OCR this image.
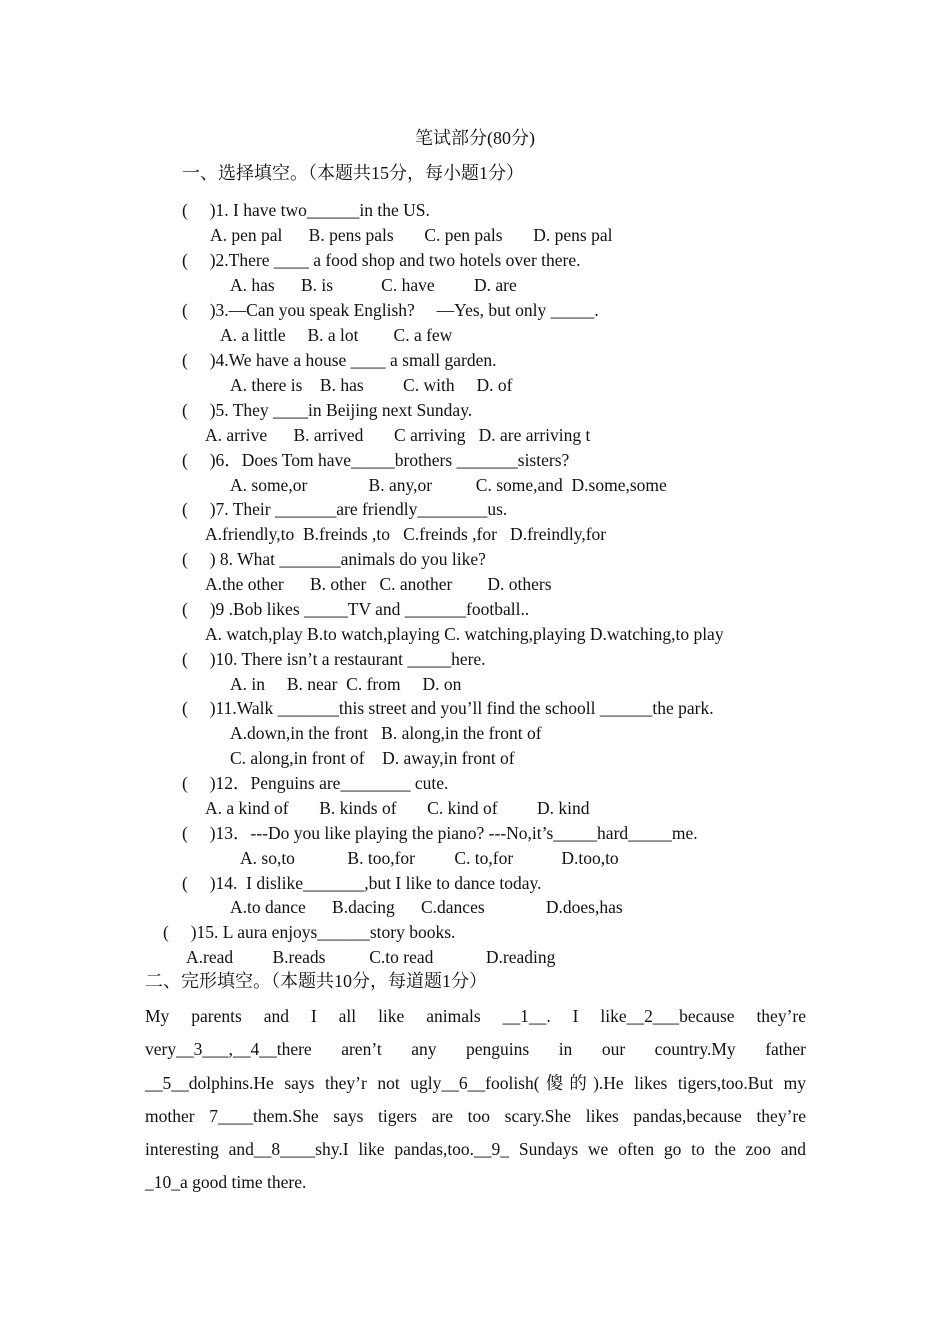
笔试部分(80分)
一、选择填空。（本题共15分，每小题1分）
(     )1. I have two______in the US.
A. pen pal      B. pens pals       C. pen pals       D. pens pal
(     )2.There ____ a food shop and two hotels over there.
A. has      B. is           C. have         D. are
(     )3.—Can you speak English?     —Yes, but only _____.
A. a little     B. a lot        C. a few
(     )4.We have a house ____ a small garden.
A. there is    B. has         C. with     D. of
(     )5. They ____in Beijing next Sunday.
A. arrive      B. arrived       C arriving   D. are arriving t
(     )6．Does Tom have_____brothers _______sisters?
A. some,or              B. any,or          C. some,and  D.some,some
(     )7. Their _______are friendly________us.
A.friendly,to  B.freinds ,to   C.freinds ,for   D.freindly,for
(     ) 8. What _______animals do you like?
A.the other      B. other   C. another        D. others
(     )9 .Bob likes _____TV and _______football..
A. watch,play B.to watch,playing C. watching,playing D.watching,to play
(     )10. There isn’t a restaurant _____here.
A. in     B. near  C. from     D. on
(     )11.Walk _______this street and you’ll find the schooll ______the park.
A.down,in the front   B. along,in the front of
C. along,in front of    D. away,in front of
(     )12．Penguins are________ cute.
A. a kind of       B. kinds of       C. kind of         D. kind
(     )13．---Do you like playing the piano? ---No,it’s_____hard_____me.
A. so,to            B. too,for         C. to,for           D.too,to
(     )14.  I dislike_______,but I like to dance today.
A.to dance      B.dacing      C.dances              D.does,has
(     )15. L aura enjoys______story books.
A.read         B.reads          C.to read            D.reading
二、完形填空。（本题共10分，每道题1分）
My parents and I all like animals __1__. I like__2___because they’re
very__3___,__4__there aren’t any penguins in our country.My father
__5__dolphins.He says they’r not ugly__6__foolish(傻的).He likes tigers,too.But my
mother 7____them.She says tigers are too scary.She likes pandas,because they’re
interesting and__8____shy.I like pandas,too.__9_ Sundays we often go to the zoo and
_10_a good time there.
